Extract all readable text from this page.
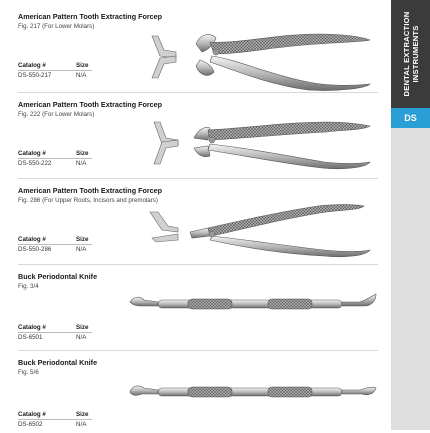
American Pattern Tooth Extracting Forcep
Fig. 217 (For Lower Molars)
Catalog #	Size
DS-550-217	N/A
American Pattern Tooth Extracting Forcep
Fig. 222 (For Lower Molars)
Catalog #	Size
DS-550-222	N/A
American Pattern Tooth Extracting Forcep
Fig. 286 (For Upper Roots, Incisors and premolars)
Catalog #	Size
DS-550-286	N/A
Buck Periodontal Knife
Fig. 3/4
Catalog #	Size
DS-6501	N/A
Buck Periodontal Knife
Fig. 5/6
Catalog #	Size
DS-6502	N/A
DENTAL EXTRACTION INSTRUMENTS
DS
